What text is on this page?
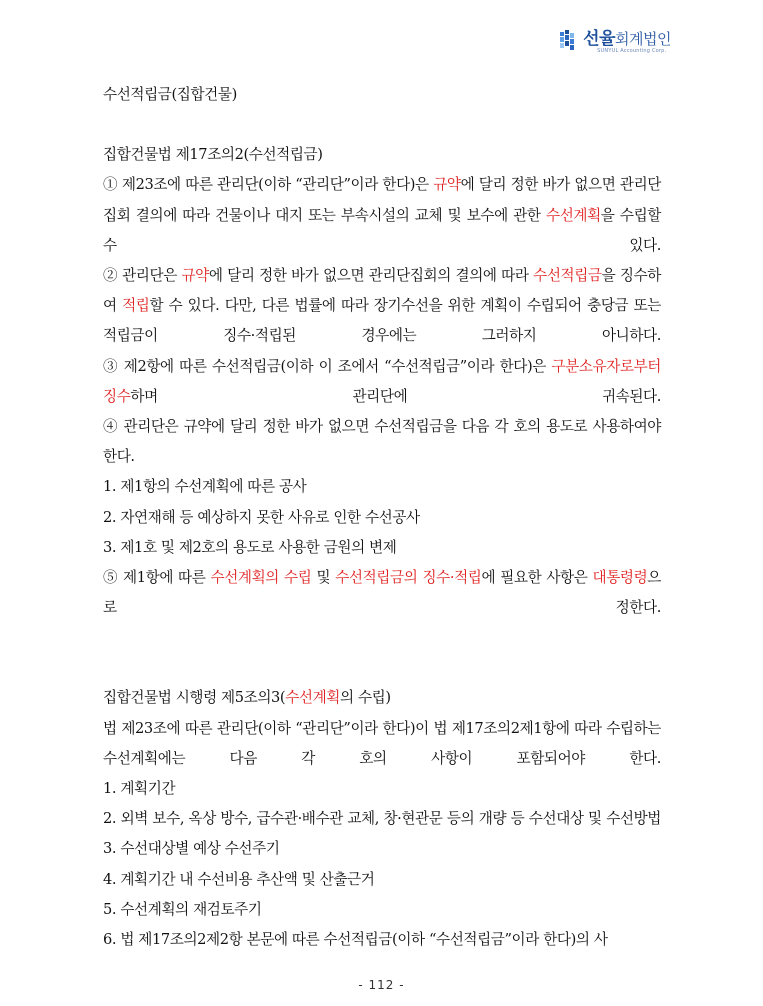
선율회계법인
SUNYUL Accounting Corp.
수선적립금(집합건물)
집합건물법 제17조의2(수선적립금)
① 제23조에 따른 관리단(이하 “관리단”이라 한다)은 규약에 달리 정한 바가 없으면 관리단집회 결의에 따라 건물이나 대지 또는 부속시설의 교체 및 보수에 관한 수선계획을 수립할 수 있다.
② 관리단은 규약에 달리 정한 바가 없으면 관리단집회의 결의에 따라 수선적립금을 징수하여 적립할 수 있다. 다만, 다른 법률에 따라 장기수선을 위한 계획이 수립되어 충당금 또는 적립금이 징수·적립된 경우에는 그러하지 아니하다.
③ 제2항에 따른 수선적립금(이하 이 조에서 “수선적립금”이라 한다)은 구분소유자로부터 징수하며 관리단에 귀속된다.
④ 관리단은 규약에 달리 정한 바가 없으면 수선적립금을 다음 각 호의 용도로 사용하여야 한다.
1. 제1항의 수선계획에 따른 공사
2. 자연재해 등 예상하지 못한 사유로 인한 수선공사
3. 제1호 및 제2호의 용도로 사용한 금원의 변제
⑤ 제1항에 따른 수선계획의 수립 및 수선적립금의 징수·적립에 필요한 사항은 대통령령으로 정한다.
집합건물법 시행령 제5조의3(수선계획의 수립)
법 제23조에 따른 관리단(이하 “관리단”이라 한다)이 법 제17조의2제1항에 따라 수립하는 수선계획에는 다음 각 호의 사항이 포함되어야 한다.
1. 계획기간
2. 외벽 보수, 옥상 방수, 급수관·배수관 교체, 창·현관문 등의 개량 등 수선대상 및 수선방법
3. 수선대상별 예상 수선주기
4. 계획기간 내 수선비용 추산액 및 산출근거
5. 수선계획의 재검토주기
6. 법 제17조의2제2항 본문에 따른 수선적립금(이하 “수선적립금”이라 한다)의 사
- 112 -
